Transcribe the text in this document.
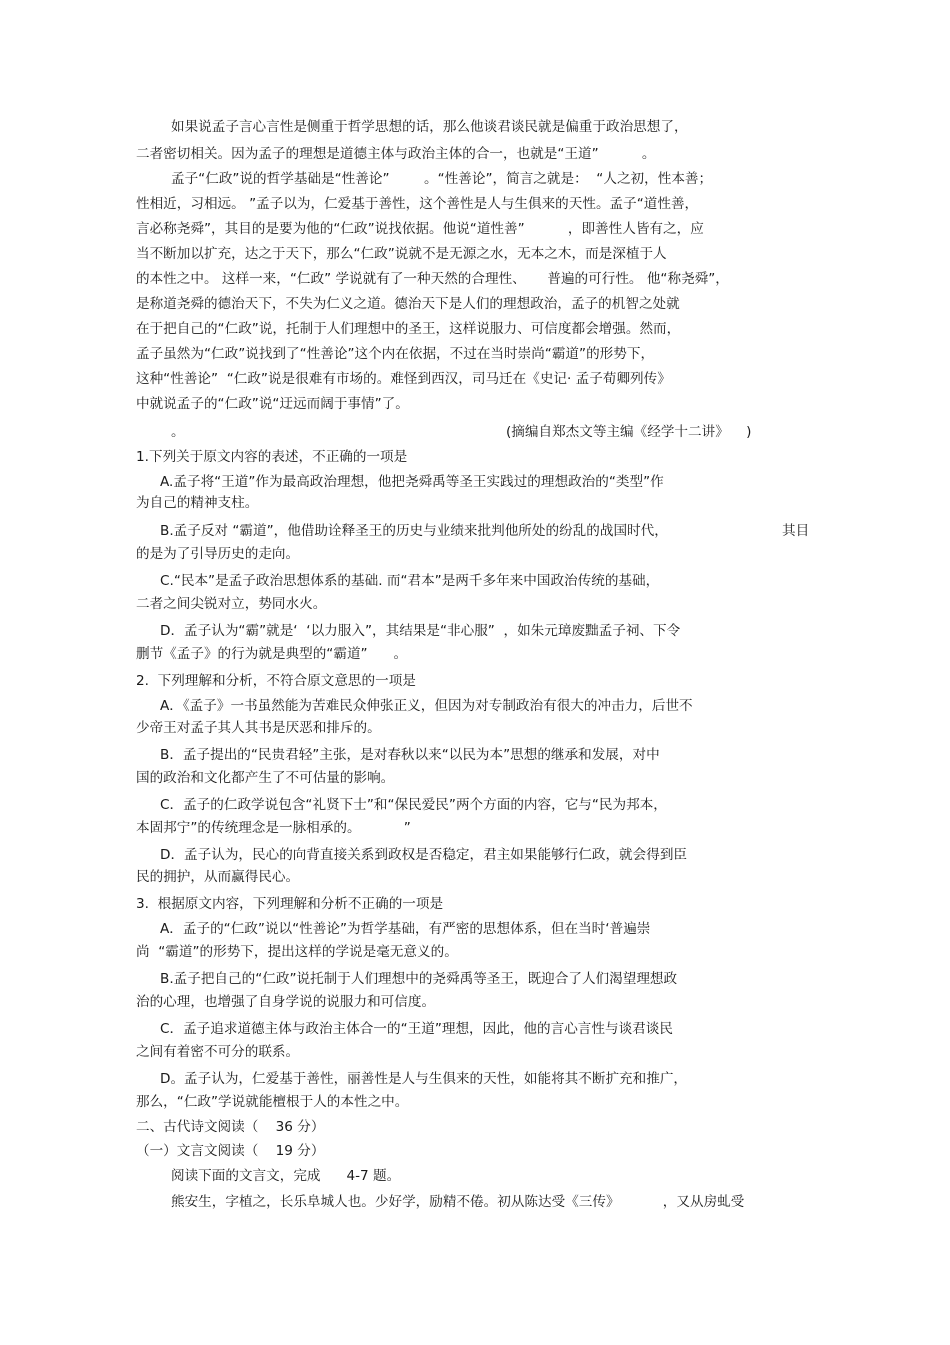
如果说孟子言心言性是侧重于哲学思想的话，那么他谈君谈民就是偏重于政治思想了，
二者密切相关。因为孟子的理想是道德主体与政治主体的合一，也就是“王道”          。
孟子“仁政”说的哲学基础是“性善论”        。“性善论”，简言之就是：  “人之初，性本善；
性相近，习相远。 ”孟子以为，仁爱基于善性，这个善性是人与生俱来的天性。孟子“道性善，
言必称尧舜”，其目的是要为他的“仁政”说找依据。他说“道性善”          ，即善性人皆有之，应
当不断加以扩充，达之于天下，那么“仁政”说就不是无源之水，无本之木，而是深植于人
的本性之中。 这样一来，“仁政” 学说就有了一种天然的合理性、     普遍的可行性。 他“称尧舜”，
是称道尧舜的德治天下，不失为仁义之道。德治天下是人们的理想政治，孟子的机智之处就
在于把自己的“仁政”说，托制于人们理想中的圣王，这样说服力、可信度都会增强。然而，
孟子虽然为“仁政”说找到了“性善论”这个内在依据，不过在当时崇尚“霸道”的形势下，
这种“性善论”  “仁政”说是很难有市场的。难怪到西汉，司马迁在《史记· 孟子荀卿列传》
中就说孟子的“仁政”说“迂远而阔于事情”了。
。	(摘编自郑杰文等主编《经学十二讲》    )
1.下列关于原文内容的表述，不正确的一项是
A.孟子将“王道”作为最高政治理想，他把尧舜禹等圣王实践过的理想政治的“类型”作
为自己的精神支柱。
B.孟子反对 “霸道”，他借助诠释圣王的历史与业绩来批判他所处的纷乱的战国时代，	其目
的是为了引导历史的走向。
C.“民本”是孟子政治思想体系的基础. 而“君本”是两千多年来中国政治传统的基础，
二者之间尖锐对立，势同水火。
D．孟子认为“霸”就是‘  ‘以力服入”，其结果是“非心服”  ，如朱元璋废黜孟子祠、下令
删节《孟子》的行为就是典型的“霸道”      。
2.  下列理解和分析，不符合原文意思的一项是
A．《孟子》一书虽然能为苦难民众伸张正义，但因为对专制政治有很大的冲击力，后世不
少帝王对孟子其人其书是厌恶和排斥的。
B．孟子提出的“民贵君轻”主张，是对春秋以来“以民为本”思想的继承和发展，对中
国的政治和文化都产生了不可估量的影响。
C．孟子的仁政学说包含“礼贤下士”和“保民爱民”两个方面的内容，它与“民为邦本，
本固邦宁”的传统理念是一脉相承的。          ”
D．孟子认为，民心的向背直接关系到政权是否稳定，君主如果能够行仁政，就会得到臣
民的拥护，从而赢得民心。
3.  根据原文内容，下列理解和分析不正确的一项是
A．孟子的“仁政”说以“性善论”为哲学基础，有严密的思想体系，但在当时‘普遍崇
尚  “霸道”的形势下，提出这样的学说是毫无意义的。
B.孟子把自己的“仁政”说托制于人们理想中的尧舜禹等圣王，既迎合了人们渴望理想政
治的心理，也增强了自身学说的说服力和可信度。
C．孟子追求道德主体与政治主体合一的“王道”理想，因此，他的言心言性与谈君谈民
之间有着密不可分的联系。
D。孟子认为，仁爱基于善性，丽善性是人与生俱来的天性，如能将其不断扩充和推广，
那么，“仁政”学说就能檀根于人的本性之中。
二、古代诗文阅读（    36 分）
（一）文言文阅读（    19 分）
阅读下面的文言文，完成      4-7 题。
熊安生，字植之，长乐阜城人也。少好学，励精不倦。初从陈达受《三传》          ，又从房虬受
